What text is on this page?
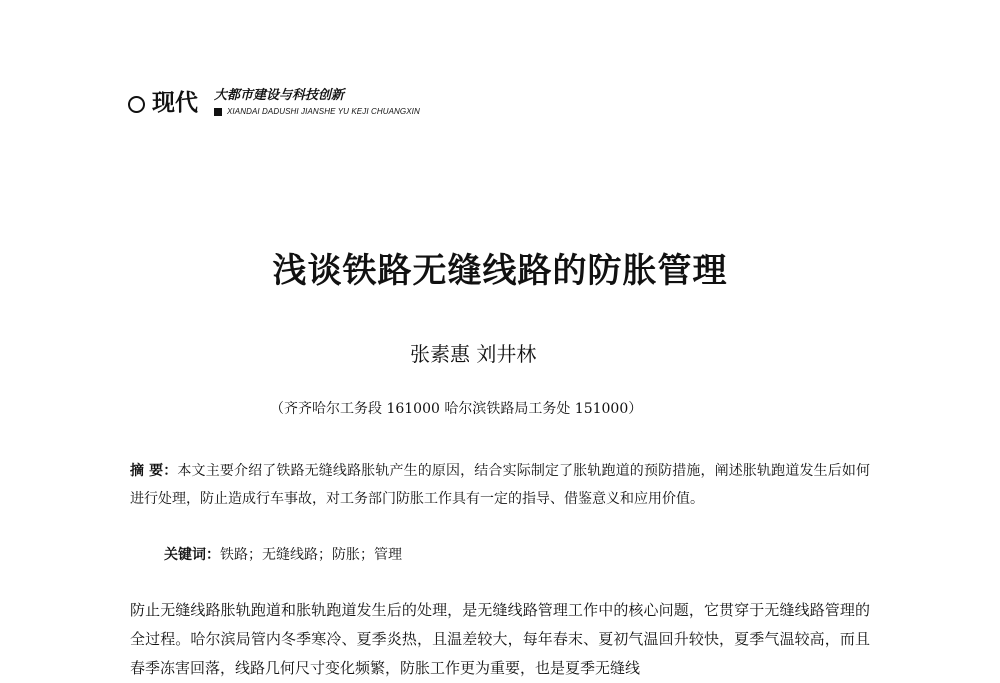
现代 大都市建设与科技创新
XIANDAI DADUSHI JIANSHE YU KEJI CHUANGXIN
浅谈铁路无缝线路的防胀管理
张素惠 刘井林
（齐齐哈尔工务段 161000 哈尔滨铁路局工务处 151000）
摘 要：本文主要介绍了铁路无缝线路胀轨产生的原因，结合实际制定了胀轨跑道的预防措施，阐述胀轨跑道发生后如何进行处理，防止造成行车事故，对工务部门防胀工作具有一定的指导、借鉴意义和应用价值。
关键词：铁路；无缝线路；防胀；管理
防止无缝线路胀轨跑道和胀轨跑道发生后的处理，是无缝线路管理工作中的核心问题，它贯穿于无缝线路管理的全过程。哈尔滨局管内冬季寒冷、夏季炎热，且温差较大，每年春末、夏初气温回升较快，夏季气温较高，而且春季冻害回落，线路几何尺寸变化频繁，防胀工作更为重要，也是夏季无缝线
